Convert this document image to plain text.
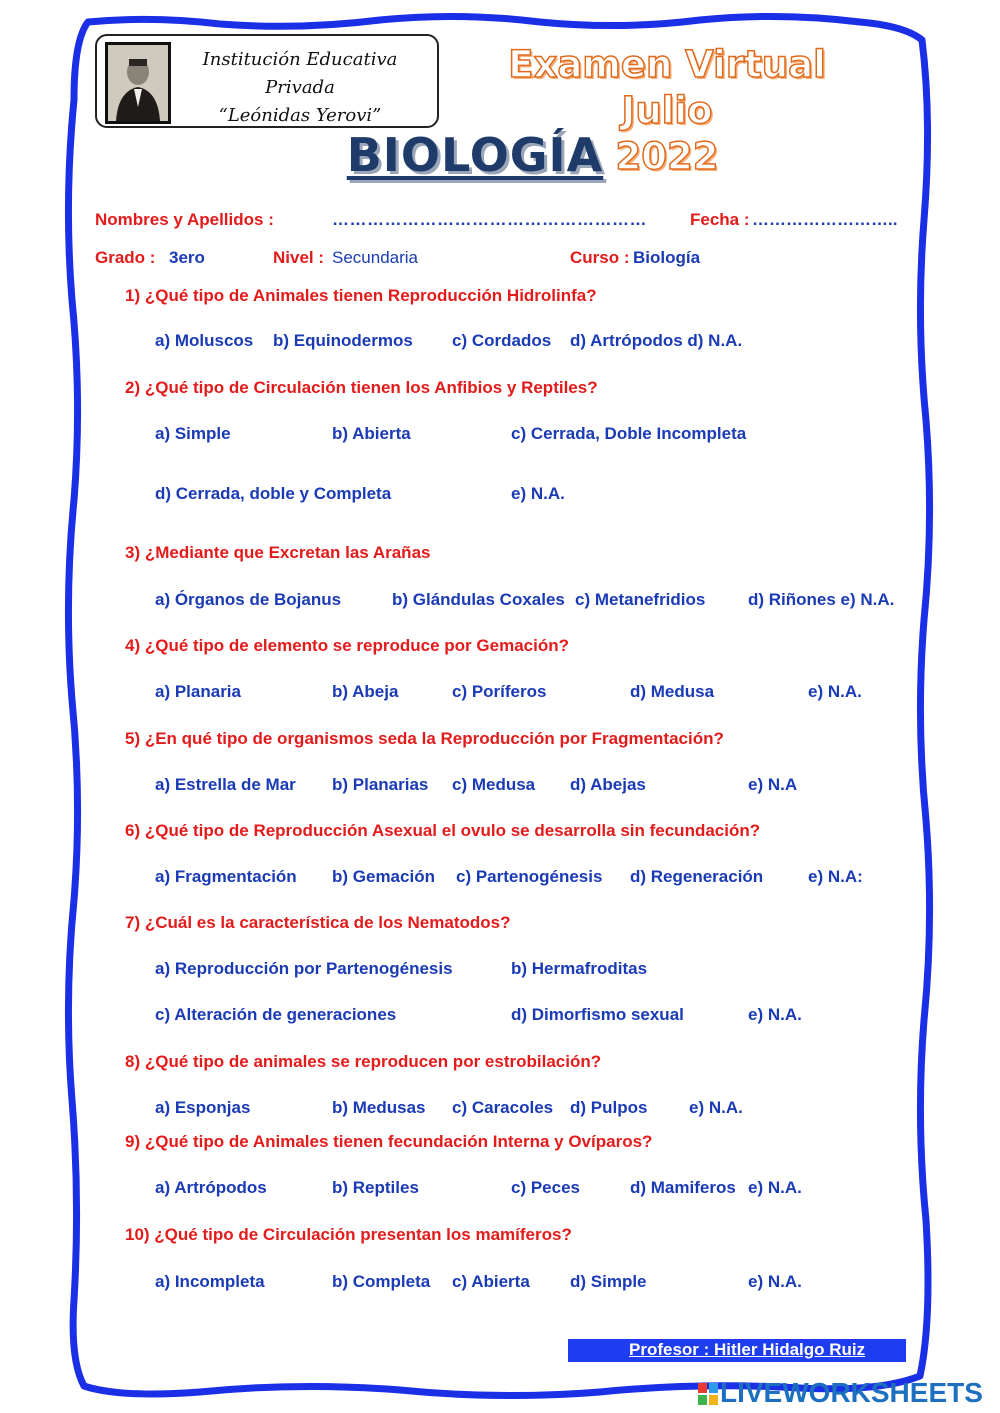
Institución Educativa Privada
“Leónidas Yerovi”
Examen Virtual Julio
2022
BIOLOGÍA
Nombres y Apellidos :	………………………………………………	Fecha : ……………………..
Grado : 3ero	Nivel : Secundaria	Curso : Biología
1) ¿Qué tipo de Animales tienen Reproducción Hidrolinfa?
a) Moluscos b) Equinodermos c) Cordados d) Artrópodos d) N.A.
2) ¿Qué tipo de Circulación tienen los Anfibios y Reptiles?
a) Simple	b) Abierta	c) Cerrada, Doble Incompleta
d) Cerrada, doble y Completa	e) N.A.
3) ¿Mediante que Excretan las Arañas
a) Órganos de Bojanus	b) Glándulas Coxales c) Metanefridios	d) Riñones e) N.A.
4) ¿Qué tipo de elemento se reproduce por Gemación?
a) Planaria	b) Abeja	c) Poríferos	d) Medusa	e) N.A.
5) ¿En qué tipo de organismos seda la Reproducción por Fragmentación?
a) Estrella de Mar b) Planarias c) Medusa d) Abejas	e) N.A
6) ¿Qué tipo de Reproducción Asexual el ovulo se desarrolla sin fecundación?
a) Fragmentación b) Gemación c) Partenogénesis d) Regeneración	e) N.A:
7) ¿Cuál es la característica de los Nematodos?
a) Reproducción por Partenogénesis	b) Hermafroditas
c) Alteración de generaciones	d) Dimorfismo sexual	e) N.A.
8) ¿Qué tipo de animales se reproducen por estrobilación?
a) Esponjas	b) Medusas c) Caracoles d) Pulpos e) N.A.
9) ¿Qué tipo de Animales tienen fecundación Interna y Ovíparos?
a) Artrópodos	b) Reptiles	c) Peces	d) Mamiferos e) N.A.
10) ¿Qué tipo de Circulación presentan los mamíferos?
a) Incompleta	b) Completa c) Abierta d) Simple	e) N.A.
Profesor : Hitler Hidalgo Ruiz
LIVEWORKSHEETS
